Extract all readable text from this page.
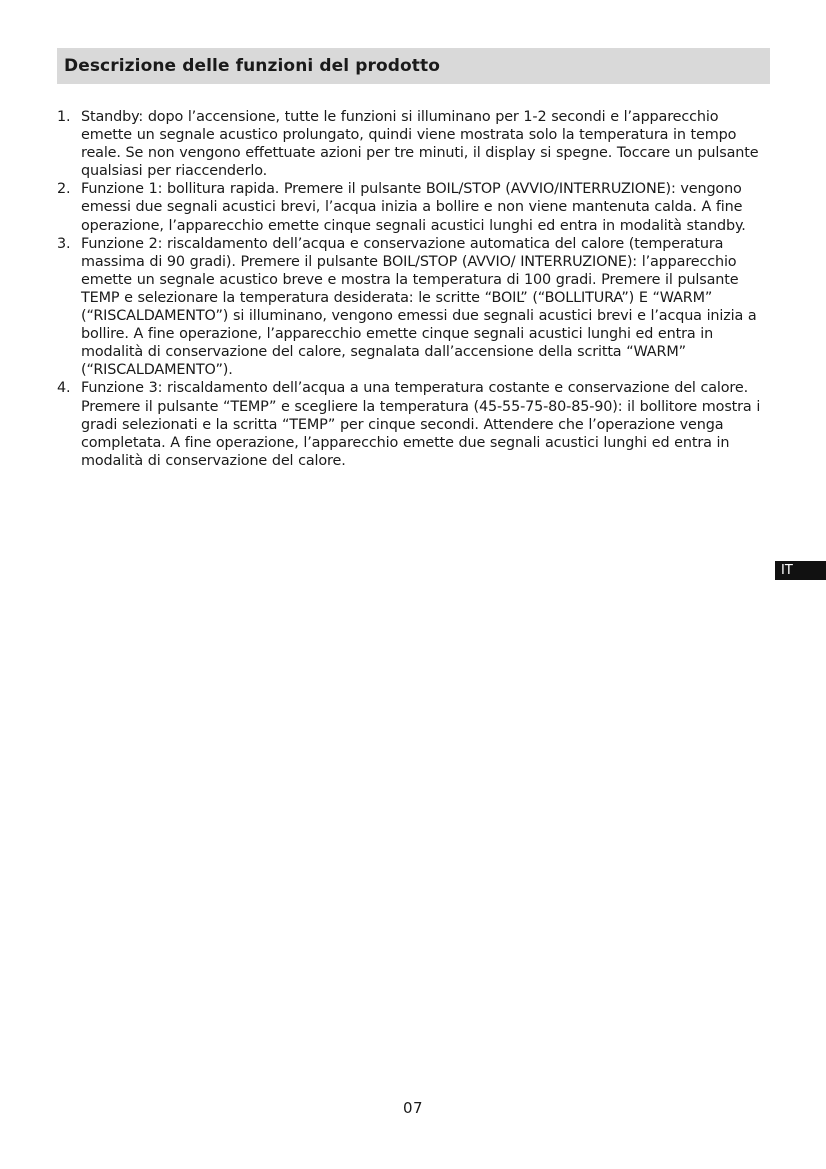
Descrizione delle funzioni del prodotto
1. Standby: dopo l’accensione, tutte le funzioni si illuminano per 1-2 secondi e l’apparecchio emette un segnale acustico prolungato, quindi viene mostrata solo la temperatura in tempo reale. Se non vengono effettuate azioni per tre minuti, il display si spegne. Toccare un pulsante qualsiasi per riaccenderlo.
2. Funzione 1: bollitura rapida. Premere il pulsante BOIL/STOP (AVVIO/INTERRUZIONE): vengono emessi due segnali acustici brevi, l’acqua inizia a bollire e non viene mantenuta calda. A fine operazione, l’apparecchio emette cinque segnali acustici lunghi ed entra in modalità standby.
3. Funzione 2: riscaldamento dell’acqua e conservazione automatica del calore (temperatura massima di 90 gradi). Premere il pulsante BOIL/STOP (AVVIO/ INTERRUZIONE): l’apparecchio emette un segnale acustico breve e mostra la temperatura di 100 gradi. Premere il pulsante TEMP e selezionare la temperatura desiderata: le scritte “BOIL” (“BOLLITURA”) E “WARM” (“RISCALDAMENTO”) si illuminano, vengono emessi due segnali acustici brevi e l’acqua inizia a bollire. A fine operazione, l’apparecchio emette cinque segnali acustici lunghi ed entra in modalità di conservazione del calore, segnalata dall’accensione della scritta “WARM” (“RISCALDAMENTO”).
4. Funzione 3: riscaldamento dell’acqua a una temperatura costante e conservazione del calore. Premere il pulsante “TEMP” e scegliere la temperatura (45-55-75-80-85-90): il bollitore mostra i gradi selezionati e la scritta “TEMP” per cinque secondi. Attendere che l’operazione venga completata. A fine operazione, l’apparecchio emette due segnali acustici lunghi ed entra in modalità di conservazione del calore.
IT
07
